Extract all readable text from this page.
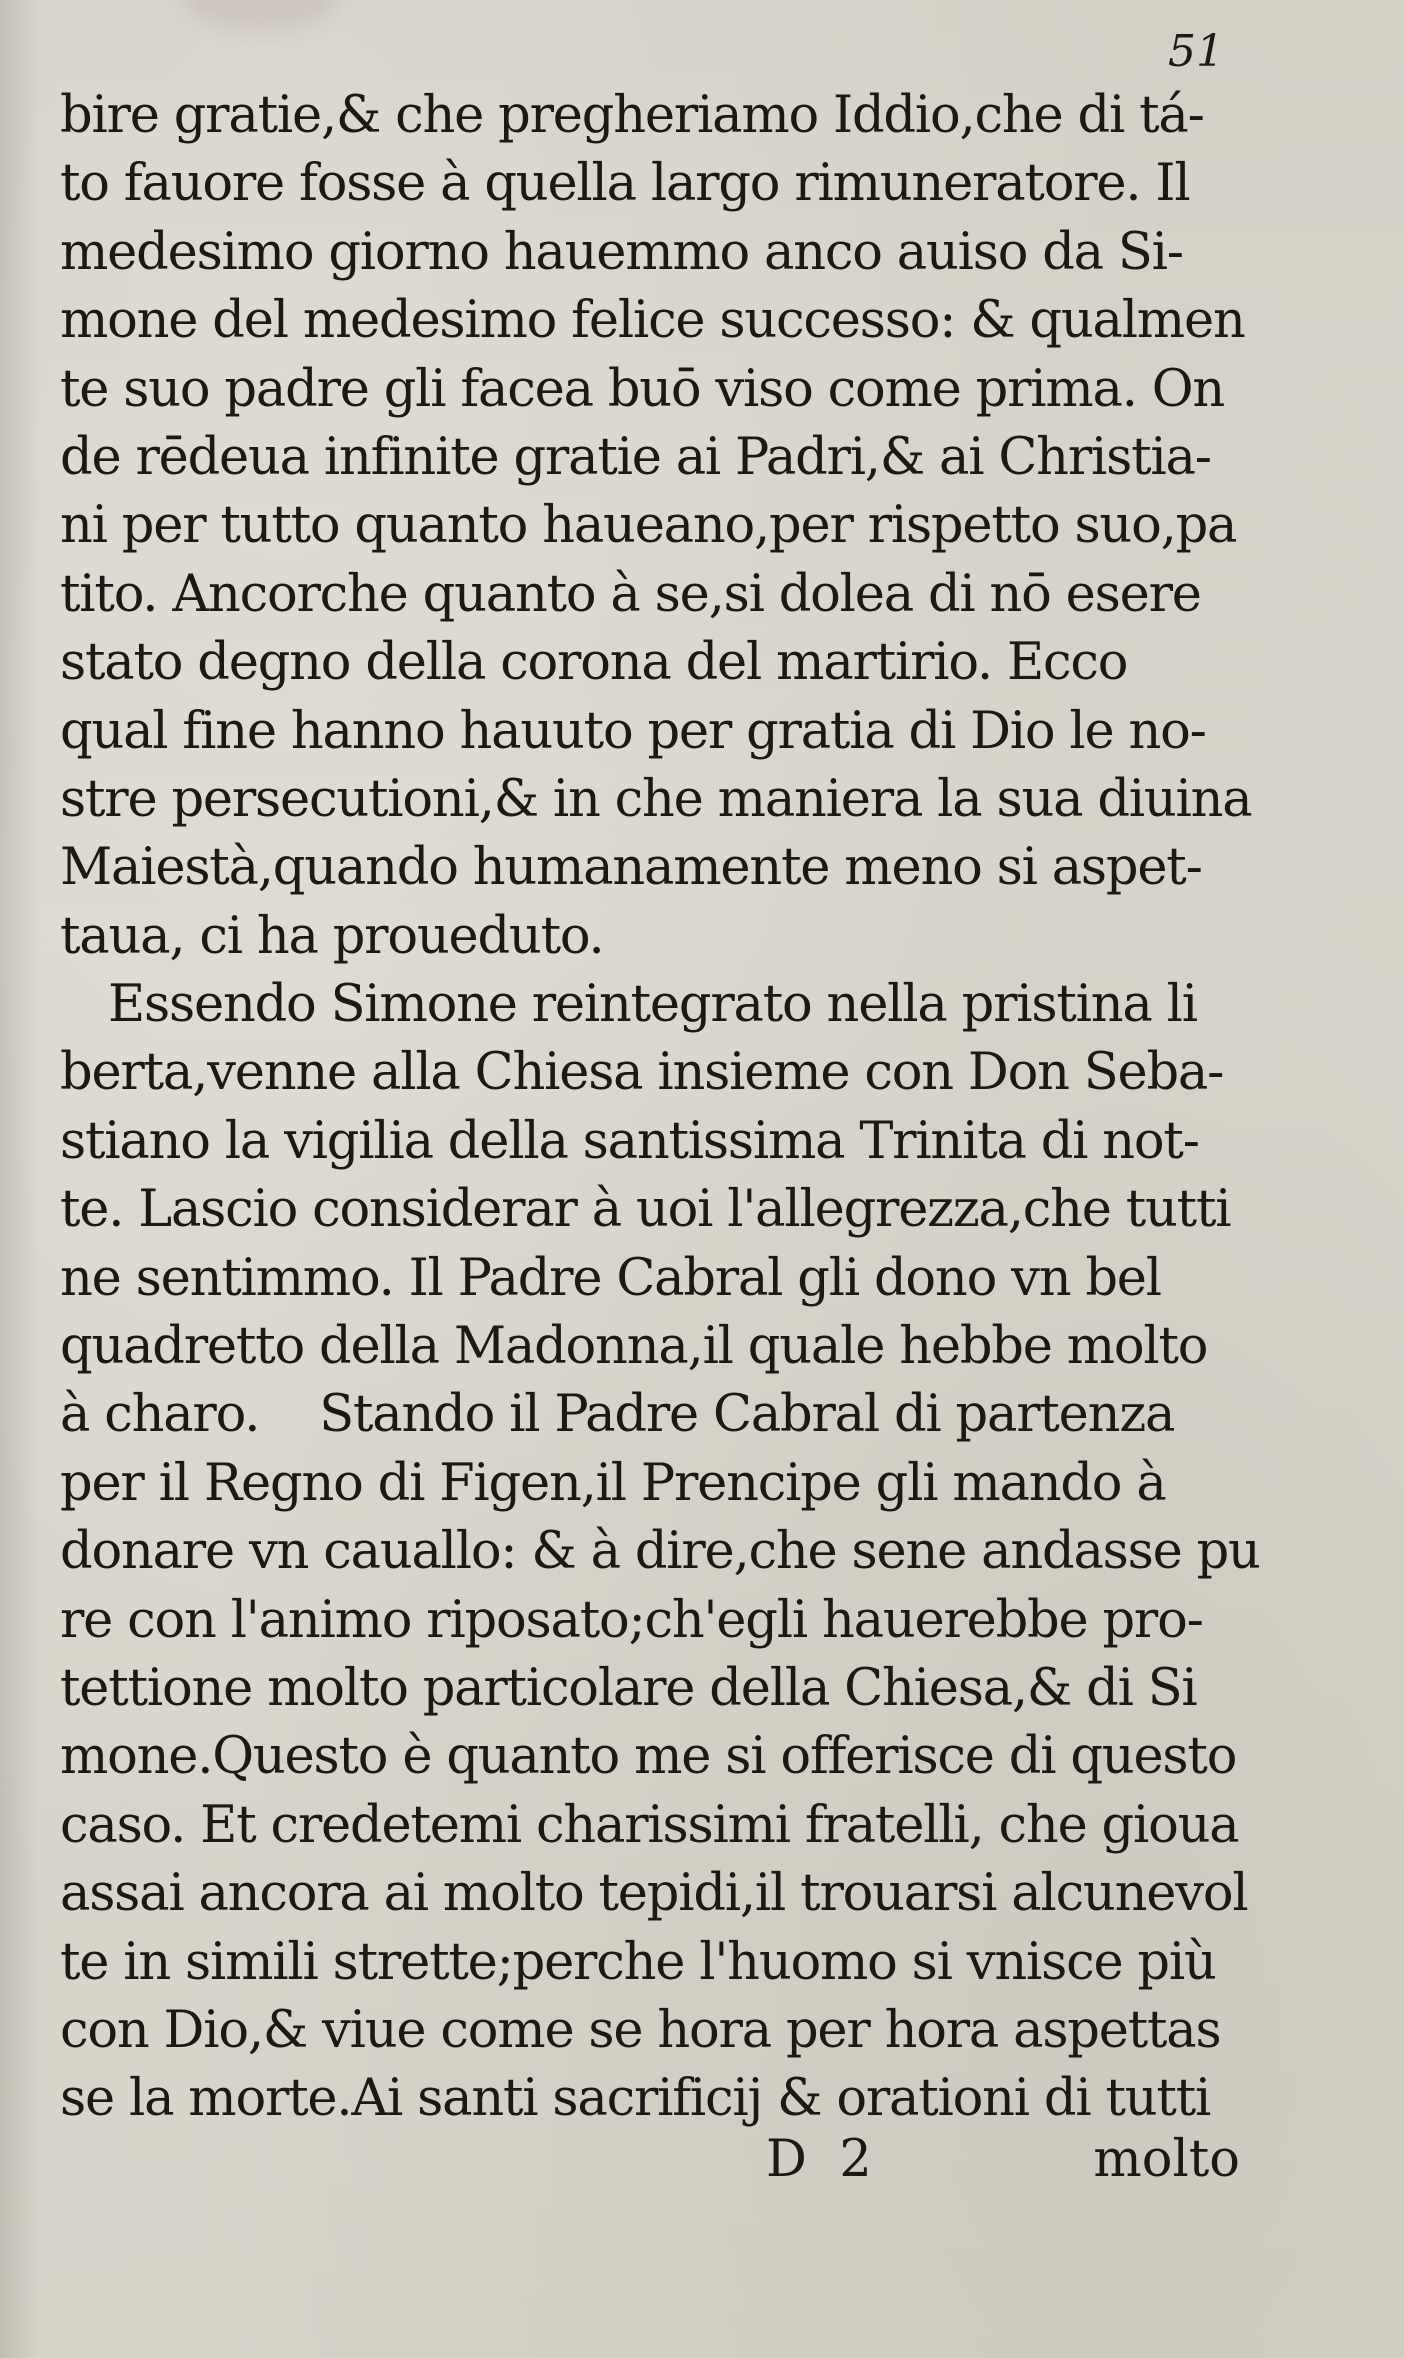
51
bire gratie,& che pregheriamo Iddio,che di tá-
to fauore fosse à quella largo rimuneratore. Il
medesimo giorno hauemmo anco auiso da Si-
mone del medesimo felice successo: & qualmen
te suo padre gli facea buō viso come prima. On
de rēdeua infinite gratie ai Padri,& ai Christia-
ni per tutto quanto haueano,per rispetto suo,pa
tito. Ancorche quanto à se,si dolea di nō esere
stato degno della corona del martirio. Ecco
qual fine hanno hauuto per gratia di Dio le no-
stre persecutioni,& in che maniera la sua diuina
Maiestà,quando humanamente meno si aspet-
taua, ci ha proueduto.
Essendo Simone reintegrato nella pristina li
berta,venne alla Chiesa insieme con Don Seba-
stiano la vigilia della santissima Trinita di not-
te. Lascio considerar à uoi l'allegrezza,che tutti
ne sentimmo. Il Padre Cabral gli dono vn bel
quadretto della Madonna,il quale hebbe molto
à charo.    Stando il Padre Cabral di partenza
per il Regno di Figen,il Prencipe gli mando à
donare vn cauallo: & à dire,che sene andasse pu
re con l'animo riposato;ch'egli hauerebbe pro-
tettione molto particolare della Chiesa,& di Si
mone.Questo è quanto me si offerisce di questo
caso. Et credetemi charissimi fratelli, che gioua
assai ancora ai molto tepidi,il trouarsi alcunevol
te in simili strette;perche l'huomo si vnisce più
con Dio,& viue come se hora per hora aspettas
se la morte.Ai santi sacrificij & orationi di tutti
D  2	molto
